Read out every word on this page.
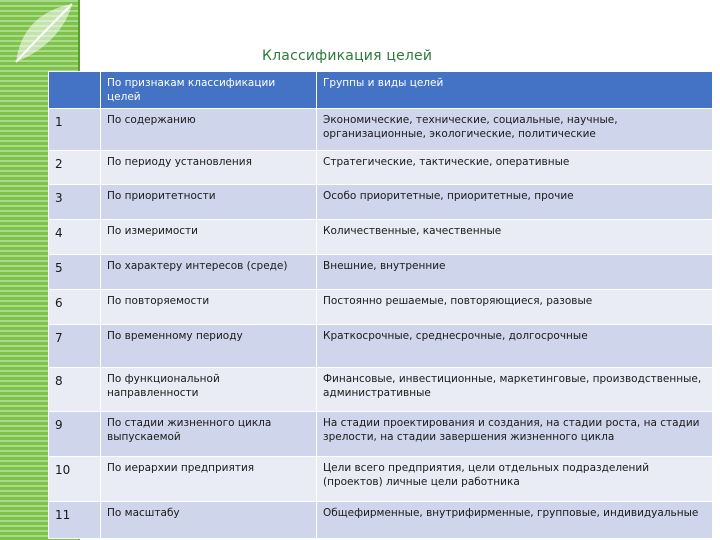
Классификация целей
	По признакам классификации целей	Группы и виды целей
1	По содержанию	Экономические, технические, социальные, научные, организационные, экологические, политические
2	По периоду установления	Стратегические, тактические, оперативные
3	По приоритетности	Особо приоритетные, приоритетные, прочие
4	По измеримости	Количественные, качественные
5	По характеру интересов (среде)	Внешние, внутренние
6	По повторяемости	Постоянно решаемые, повторяющиеся, разовые
7	По временному периоду	Краткосрочные, среднесрочные, долгосрочные
8	По функциональной направленности	Финансовые, инвестиционные, маркетинговые, производственные, административные
9	По стадии жизненного цикла выпускаемой	На стадии проектирования и создания, на стадии роста, на стадии зрелости, на стадии завершения жизненного цикла
10	По иерархии предприятия	Цели всего предприятия, цели отдельных подразделений (проектов) личные цели работника
11	По масштабу	Общефирменные, внутрифирменные, групповые, индивидуальные
